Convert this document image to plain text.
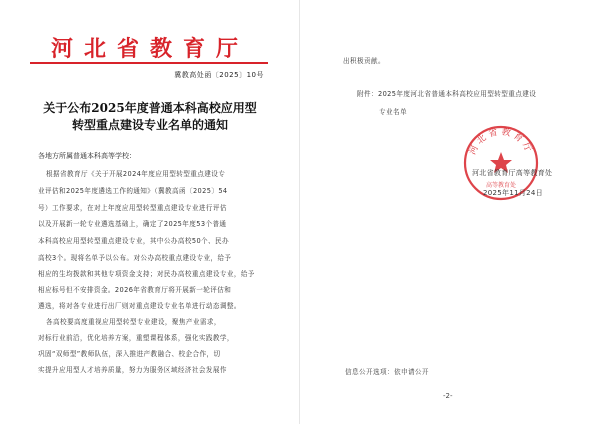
河北省教育厅
冀教高处函〔2025〕10号
关于公布2025年度普通本科高校应用型
转型重点建设专业名单的通知
各地方所属普通本科高等学校：
根据省教育厅《关于开展2024年度应用型转型重点建设专
业评估和2025年度遴选工作的通知》（冀教高函〔2025〕54
号）工作要求，在对上年度应用型转型重点建设专业进行评估
以及开展新一轮专业遴选基础上，确定了2025年度53个普通
本科高校应用型转型重点建设专业，其中公办高校50个、民办
高校3个。现将名单予以公布。对公办高校重点建设专业，给予
相应的生均拨款和其他专项资金支持；对民办高校重点建设专业，给予
相应标号但不安排资金。2026年省教育厅将开展新一轮评估和
遴选，将对各专业进行出厂则对重点建设专业名单进行动态调整。
各高校要高度重视应用型转型专业建设，聚焦产业需求，
对标行业前沿，优化培养方案，重塑课程体系，强化实践教学，
巩固“双师型”教师队伍，深入推进产教融合、校企合作，切
实提升应用型人才培养质量，努力为服务区域经济社会发展作
出积极贡献。
附件：2025年度河北省普通本科高校应用型转型重点建设
专业名单
河北省教育厅
高等教育处
河北省教育厅高等教育处
2025年11月24日
信息公开选项：依申请公开
-2-
